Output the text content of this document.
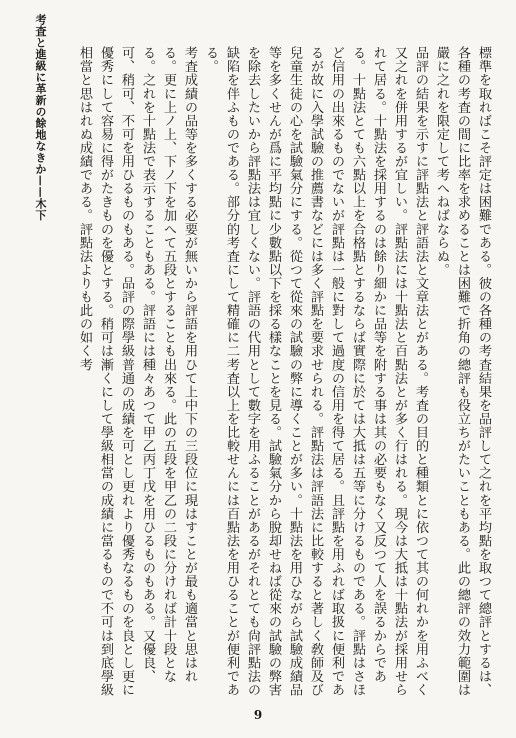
考査と進級に革新の餘地なきか——木下	標準を取ればこそ評定は困難である。彼の各種の考査結果を品評して之れを平均點を取つて總評とするは、各種の考査の間に比率を求めることは困難で折角の總評も役立ちがたいこともある。此の總評の效力範圍は嚴に之れを限定して考へねばならぬ。

品評の結果を示すに評點法と評語法と文章法とがある。考査の目的と種類とに依つて其の何れかを用ふべく又之れを併用するが宜しい。評點法には十點法と百點法とが多く行はれる。現今は大抵は十點法が採用せられて居る。十點法を採用するのは餘り細かに品等を附する事は其の必要もなく又反つて人を誤るからである。十點法とても六點以上を合格點とするならば實際に於ては大抵は五等に分けるものである。評點はさほど信用の出來るものでないが評點は一般に對して過度の信用を得て居る。且評點を用ふれば取扱に便利であるが故に入學試驗の推薦書などには多く評點を要求せられる。評點法は評語法に比較すると著しく敎師及び兒童生徒の心を試驗氣分にする。從つて從來の試驗の弊に導くことが多い。十點法を用ひながら試驗成績品等を多くせんが爲に平均點に少數點以下を採る樣なことを見る。試驗氣分から脫却せねば從來の試驗の弊害を除去したいから評點法は宜しくない。評語の代用として數字を用ふることがあるがそれとても尙評點法の缺陷を伴ふものである。部分的考査にして精確に二考査以上を比較せんには百點法を用ひることが便利である。

考査成績の品等を多くする必要が無いから評語を用ひて上中下の三段位に現はすことが最も適當と思はれる。更に上ノ上、下ノ下を加へて五段とすることも出來る。此の五段を甲乙の二段に分ければ計十段となる。之れを十點法で表示することもある。評語には種々あつて甲乙丙丁戊を用ひるものもある。又優良、可、稍可、不可を用ひるものもある。品評の際學級普通の成績を可とし更れより優秀なるものを良とし更に優秀にして容易に得がたきものを優とする。稍可は漸くにして學級相當の成績に當るもので不可は到底學級相當と思はれぬ成績である。評點法よりも此の如く考

9
